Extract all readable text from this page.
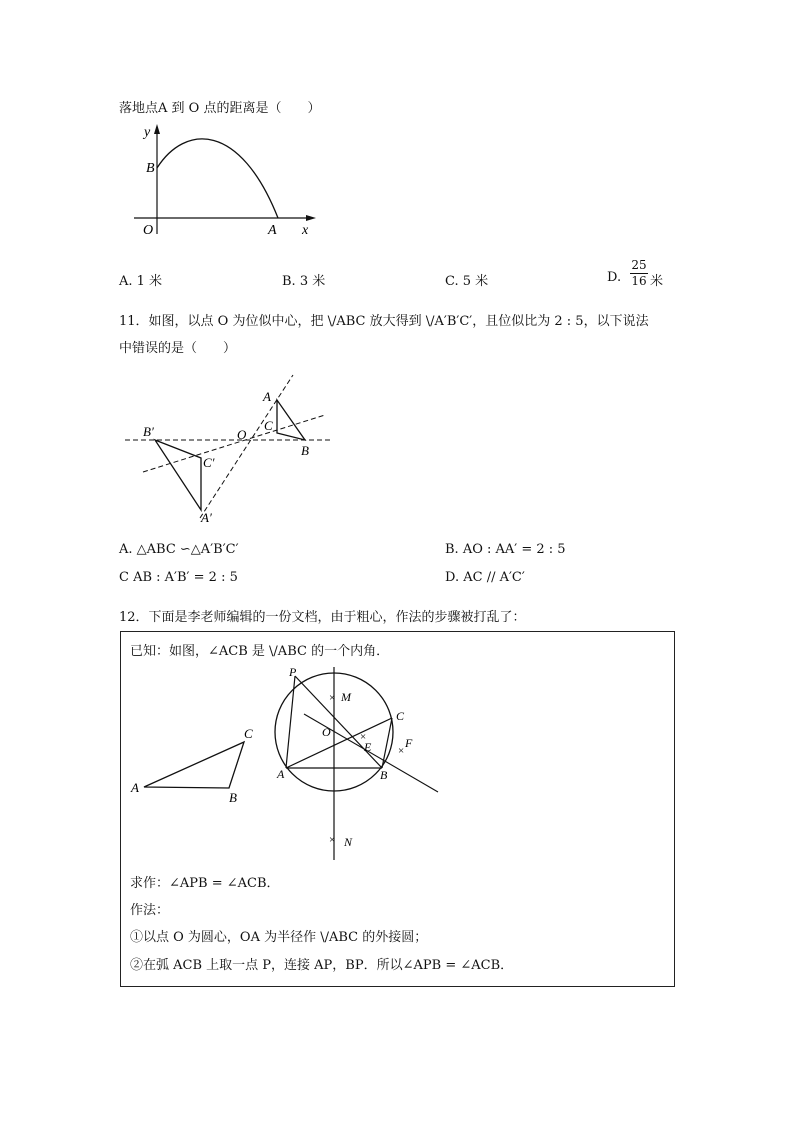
落地点A 到 O 点的距离是（　　）
y
B
O	A x
A. 1 米	B. 3 米	C. 5 米	D. $\frac{25}{16}$ 米
11．如图，以点 O 为位似中心，把 \/ABC 放大得到 \/A′B′C′，且位似比为 2 : 5，以下说法
中错误的是（　　）
A
C
O
B
B′
C′
A′
A. △ABC ∽△A′B′C′	B. AO : AA′ = 2 : 5
C AB : A′B′ = 2 : 5	D. AC // A′C′
12．下面是李老师编辑的一份文档，由于粗心，作法的步骤被打乱了：
已知：如图，∠ACB 是 \/ABC 的一个内角．
A
B
C
×
×
×
×
P
M
C
O
E	F
A	B
N
求作：∠APB = ∠ACB．
作法：
①以点 O 为圆心，OA 为半径作 \/ABC 的外接圆；
②在弧 ACB 上取一点 P，连接 AP，BP．所以∠APB = ∠ACB．
